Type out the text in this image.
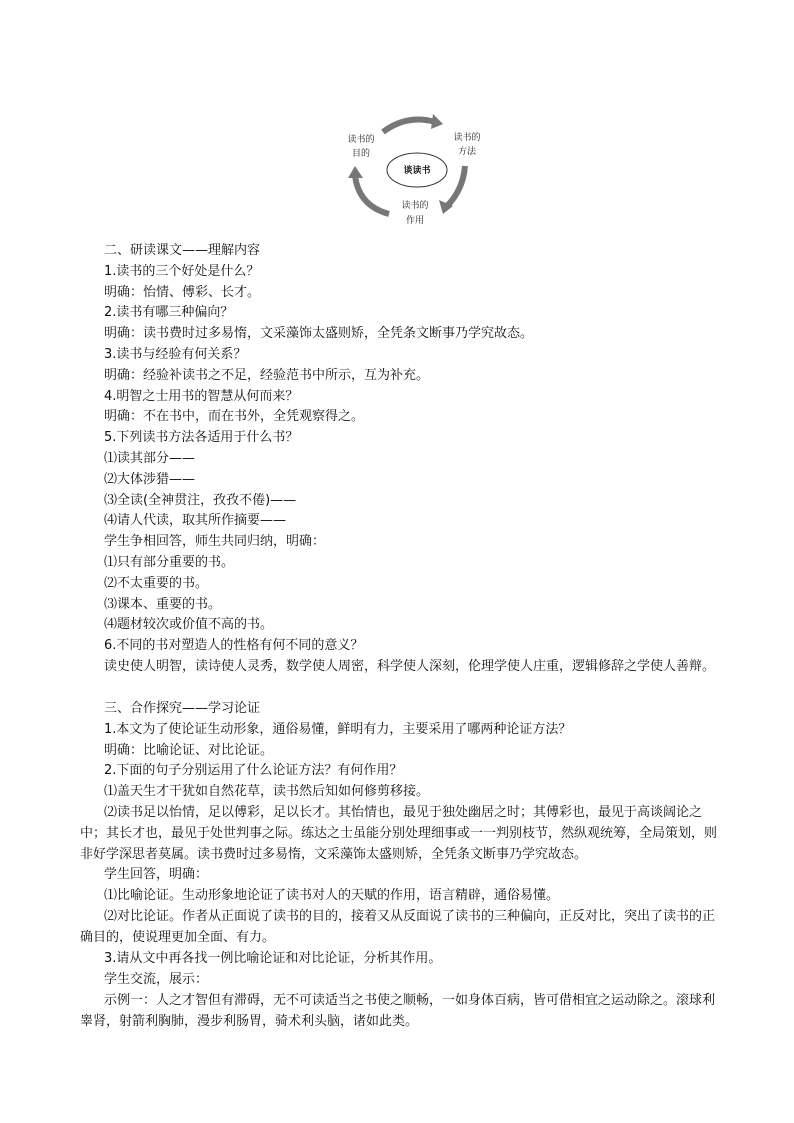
谈读书
读书的
目的
读书的
方法
读书的
作用
二、研读课文——理解内容
1.读书的三个好处是什么？
明确：怡情、傅彩、长才。
2.读书有哪三种偏向？
明确：读书费时过多易惰，文采藻饰太盛则矫，全凭条文断事乃学究故态。
3.读书与经验有何关系？
明确：经验补读书之不足，经验范书中所示，互为补充。
4.明智之士用书的智慧从何而来？
明确：不在书中，而在书外，全凭观察得之。
5.下列读书方法各适用于什么书？
⑴读其部分——
⑵大体涉猎——
⑶全读(全神贯注，孜孜不倦)——
⑷请人代读，取其所作摘要——
学生争相回答，师生共同归纳，明确：
⑴只有部分重要的书。
⑵不太重要的书。
⑶课本、重要的书。
⑷题材较次或价值不高的书。
6.不同的书对塑造人的性格有何不同的意义？
读史使人明智，读诗使人灵秀，数学使人周密，科学使人深刻，伦理学使人庄重，逻辑修辞之学使人善辩。
三、合作探究——学习论证
1.本文为了使论证生动形象，通俗易懂，鲜明有力，主要采用了哪两种论证方法？
明确：比喻论证、对比论证。
2.下面的句子分别运用了什么论证方法？有何作用？
⑴盖天生才干犹如自然花草，读书然后知如何修剪移接。
⑵读书足以怡情，足以傅彩，足以长才。其怡情也，最见于独处幽居之时；其傅彩也，最见于高谈阔论之中；其长才也，最见于处世判事之际。练达之士虽能分别处理细事或一一判别枝节，然纵观统筹，全局策划，则非好学深思者莫属。读书费时过多易惰，文采藻饰太盛则矫，全凭条文断事乃学究故态。
学生回答，明确：
⑴比喻论证。生动形象地论证了读书对人的天赋的作用，语言精辟，通俗易懂。
⑵对比论证。作者从正面说了读书的目的，接着又从反面说了读书的三种偏向，正反对比，突出了读书的正确目的，使说理更加全面、有力。
3.请从文中再各找一例比喻论证和对比论证，分析其作用。
学生交流，展示：
示例一：人之才智但有滞碍，无不可读适当之书使之顺畅，一如身体百病，皆可借相宜之运动除之。滚球利睾肾，射箭利胸肺，漫步利肠胃，骑术利头脑，诸如此类。
